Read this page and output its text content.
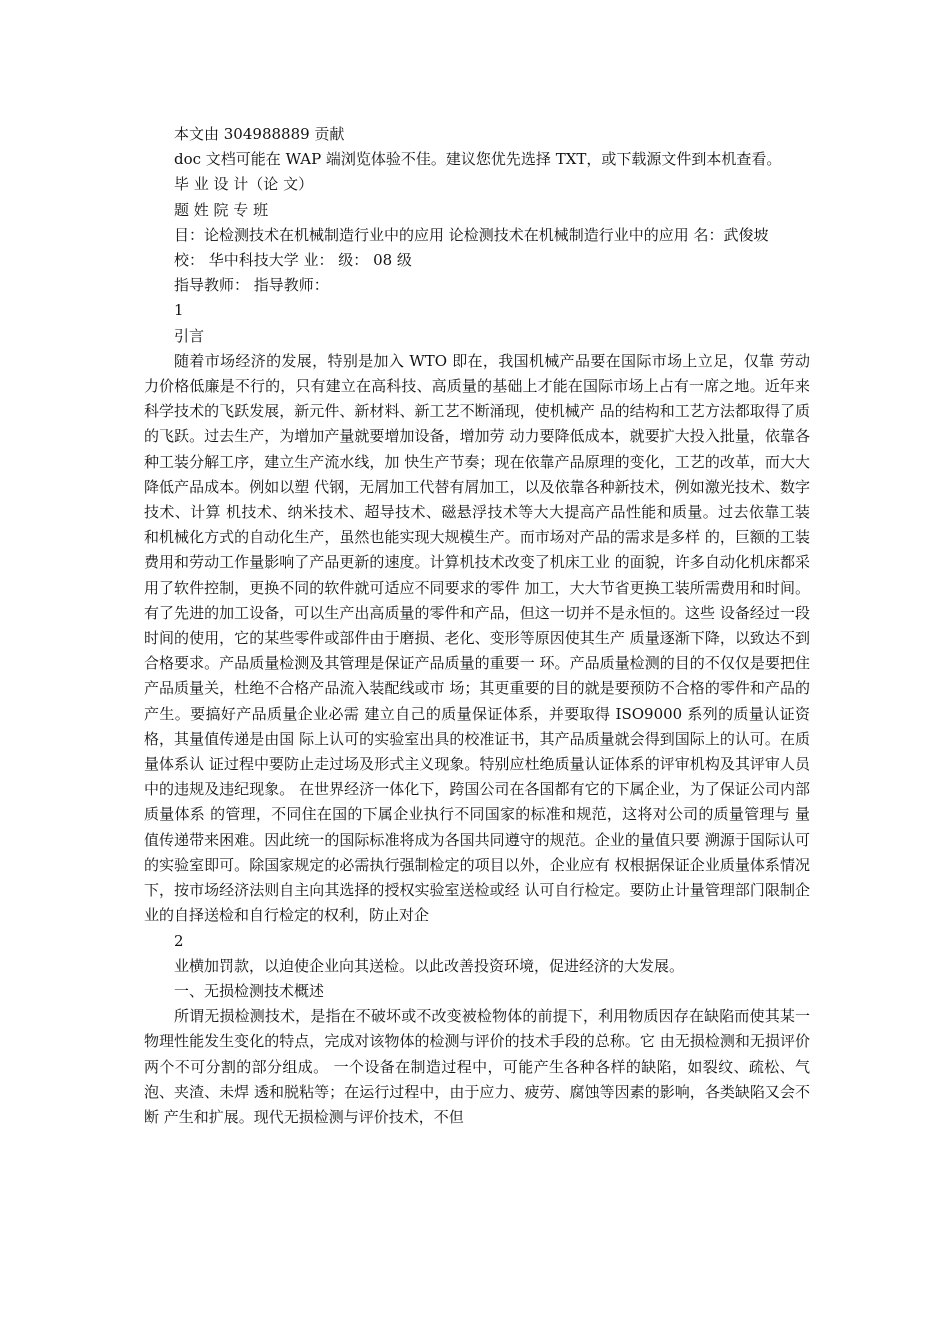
本文由 304988889 贡献

doc 文档可能在 WAP 端浏览体验不佳。建议您优先选择 TXT，或下载源文件到本机查看。

毕 业 设 计（论 文）

题 姓 院 专 班

目：论检测技术在机械制造行业中的应用 论检测技术在机械制造行业中的应用 名：武俊坡

校： 华中科技大学 业： 级： 08 级

指导教师： 指导教师：

1

引言

随着市场经济的发展，特别是加入 WTO 即在，我国机械产品要在国际市场上立足，仅靠 劳动力价格低廉是不行的，只有建立在高科技、高质量的基础上才能在国际市场上占有一席之地。近年来科学技术的飞跃发展，新元件、新材料、新工艺不断涌现，使机械产 品的结构和工艺方法都取得了质的飞跃。过去生产，为增加产量就要增加设备，增加劳 动力要降低成本，就要扩大投入批量，依靠各种工装分解工序，建立生产流水线，加 快生产节奏；现在依靠产品原理的变化，工艺的改革，而大大降低产品成本。例如以塑 代钢，无屑加工代替有屑加工，以及依靠各种新技术，例如激光技术、数字技术、计算 机技术、纳米技术、超导技术、磁悬浮技术等大大提高产品性能和质量。过去依靠工装 和机械化方式的自动化生产，虽然也能实现大规模生产。而市场对产品的需求是多样 的，巨额的工装费用和劳动工作量影响了产品更新的速度。计算机技术改变了机床工业 的面貌，许多自动化机床都采用了软件控制，更换不同的软件就可适应不同要求的零件 加工，大大节省更换工装所需费用和时间。 有了先进的加工设备，可以生产出高质量的零件和产品，但这一切并不是永恒的。这些 设备经过一段时间的使用，它的某些零件或部件由于磨损、老化、变形等原因使其生产 质量逐渐下降，以致达不到合格要求。产品质量检测及其管理是保证产品质量的重要一 环。产品质量检测的目的不仅仅是要把住产品质量关，杜绝不合格产品流入装配线或市 场；其更重要的目的就是要预防不合格的零件和产品的产生。要搞好产品质量企业必需 建立自己的质量保证体系，并要取得 ISO9000 系列的质量认证资格，其量值传递是由国 际上认可的实验室出具的校准证书，其产品质量就会得到国际上的认可。在质量体系认 证过程中要防止走过场及形式主义现象。特别应杜绝质量认证体系的评审机构及其评审人员中的违规及违纪现象。 在世界经济一体化下，跨国公司在各国都有它的下属企业，为了保证公司内部质量体系 的管理，不同住在国的下属企业执行不同国家的标准和规范，这将对公司的质量管理与 量值传递带来困难。因此统一的国际标准将成为各国共同遵守的规范。企业的量值只要 溯源于国际认可的实验室即可。除国家规定的必需执行强制检定的项目以外，企业应有 权根据保证企业质量体系情况下，按市场经济法则自主向其选择的授权实验室送检或经 认可自行检定。要防止计量管理部门限制企业的自择送检和自行检定的权利，防止对企

2

业横加罚款，以迫使企业向其送检。以此改善投资环境，促进经济的大发展。

一、无损检测技术概述

所谓无损检测技术，是指在不破坏或不改变被检物体的前提下，利用物质因存在缺陷而使其某一物理性能发生变化的特点，完成对该物体的检测与评价的技术手段的总称。它 由无损检测和无损评价两个不可分割的部分组成。 一个设备在制造过程中，可能产生各种各样的缺陷，如裂纹、疏松、气泡、夹渣、未焊 透和脱粘等；在运行过程中，由于应力、疲劳、腐蚀等因素的影响，各类缺陷又会不断 产生和扩展。现代无损检测与评价技术，不但
